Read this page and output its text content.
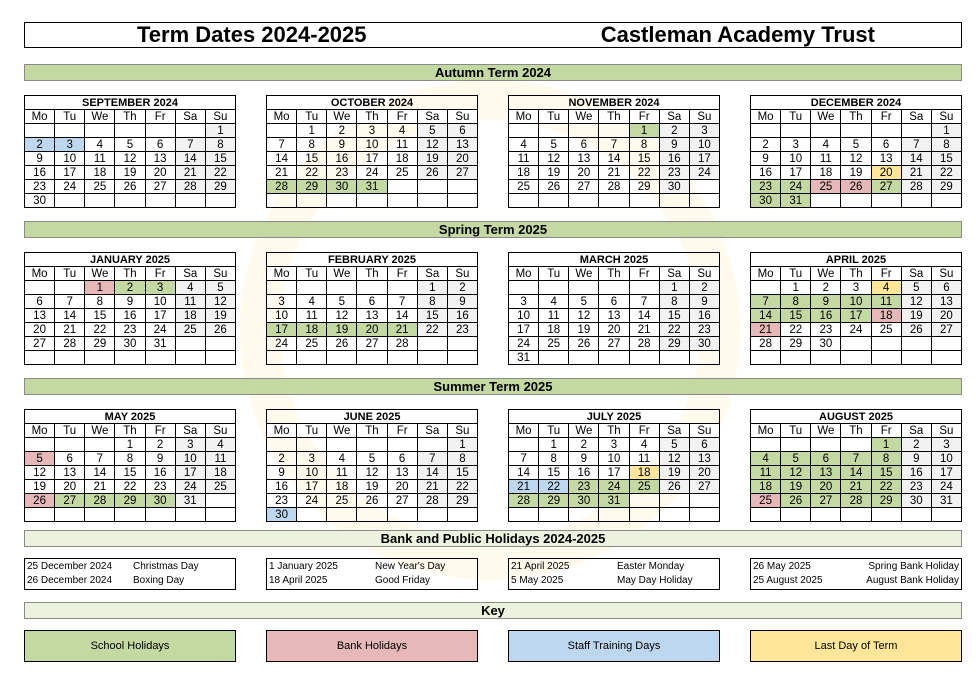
Term Dates 2024-2025	Castleman Academy Trust
Autumn Term 2024
Spring Term 2025
Summer Term 2025
SEPTEMBER 2024						
Mo	Tu	We	Th	Fr	Sa	Su
						1
2	3	4	5	6	7	8
9	10	11	12	13	14	15
16	17	18	19	20	21	22
23	24	25	26	27	28	29
30						
OCTOBER 2024						
Mo	Tu	We	Th	Fr	Sa	Su
	1	2	3	4	5	6
7	8	9	10	11	12	13
14	15	16	17	18	19	20
21	22	23	24	25	26	27
28	29	30	31			

NOVEMBER 2024						
Mo	Tu	We	Th	Fr	Sa	Su
				1	2	3
4	5	6	7	8	9	10
11	12	13	14	15	16	17
18	19	20	21	22	23	24
25	26	27	28	29	30	

DECEMBER 2024						
Mo	Tu	We	Th	Fr	Sa	Su
						1
2	3	4	5	6	7	8
9	10	11	12	13	14	15
16	17	18	19	20	21	22
23	24	25	26	27	28	29
30	31					
JANUARY 2025						
Mo	Tu	We	Th	Fr	Sa	Su
		1	2	3	4	5
6	7	8	9	10	11	12
13	14	15	16	17	18	19
20	21	22	23	24	25	26
27	28	29	30	31		

FEBRUARY 2025						
Mo	Tu	We	Th	Fr	Sa	Su
					1	2
3	4	5	6	7	8	9
10	11	12	13	14	15	16
17	18	19	20	21	22	23
24	25	26	27	28		

MARCH 2025						
Mo	Tu	We	Th	Fr	Sa	Su
					1	2
3	4	5	6	7	8	9
10	11	12	13	14	15	16
17	18	19	20	21	22	23
24	25	26	27	28	29	30
31						
APRIL 2025						
Mo	Tu	We	Th	Fr	Sa	Su
	1	2	3	4	5	6
7	8	9	10	11	12	13
14	15	16	17	18	19	20
21	22	23	24	25	26	27
28	29	30				

MAY 2025						
Mo	Tu	We	Th	Fr	Sa	Su
			1	2	3	4
5	6	7	8	9	10	11
12	13	14	15	16	17	18
19	20	21	22	23	24	25
26	27	28	29	30	31	

JUNE 2025						
Mo	Tu	We	Th	Fr	Sa	Su
						1
2	3	4	5	6	7	8
9	10	11	12	13	14	15
16	17	18	19	20	21	22
23	24	25	26	27	28	29
30						
JULY 2025						
Mo	Tu	We	Th	Fr	Sa	Su
	1	2	3	4	5	6
7	8	9	10	11	12	13
14	15	16	17	18	19	20
21	22	23	24	25	26	27
28	29	30	31			

AUGUST 2025						
Mo	Tu	We	Th	Fr	Sa	Su
				1	2	3
4	5	6	7	8	9	10
11	12	13	14	15	16	17
18	19	20	21	22	23	24
25	26	27	28	29	30	31

Bank and Public Holidays 2024-2025
25 December 2024	Christmas Day
26 December 2024	Boxing Day
1 January 2025	New Year's Day
18 April 2025	Good Friday
21 April 2025	Easter Monday
5 May 2025	May Day Holiday
26 May 2025	Spring Bank Holiday
25 August 2025	August Bank Holiday
Key
School Holidays	Bank Holidays	Staff Training Days	Last Day of Term
